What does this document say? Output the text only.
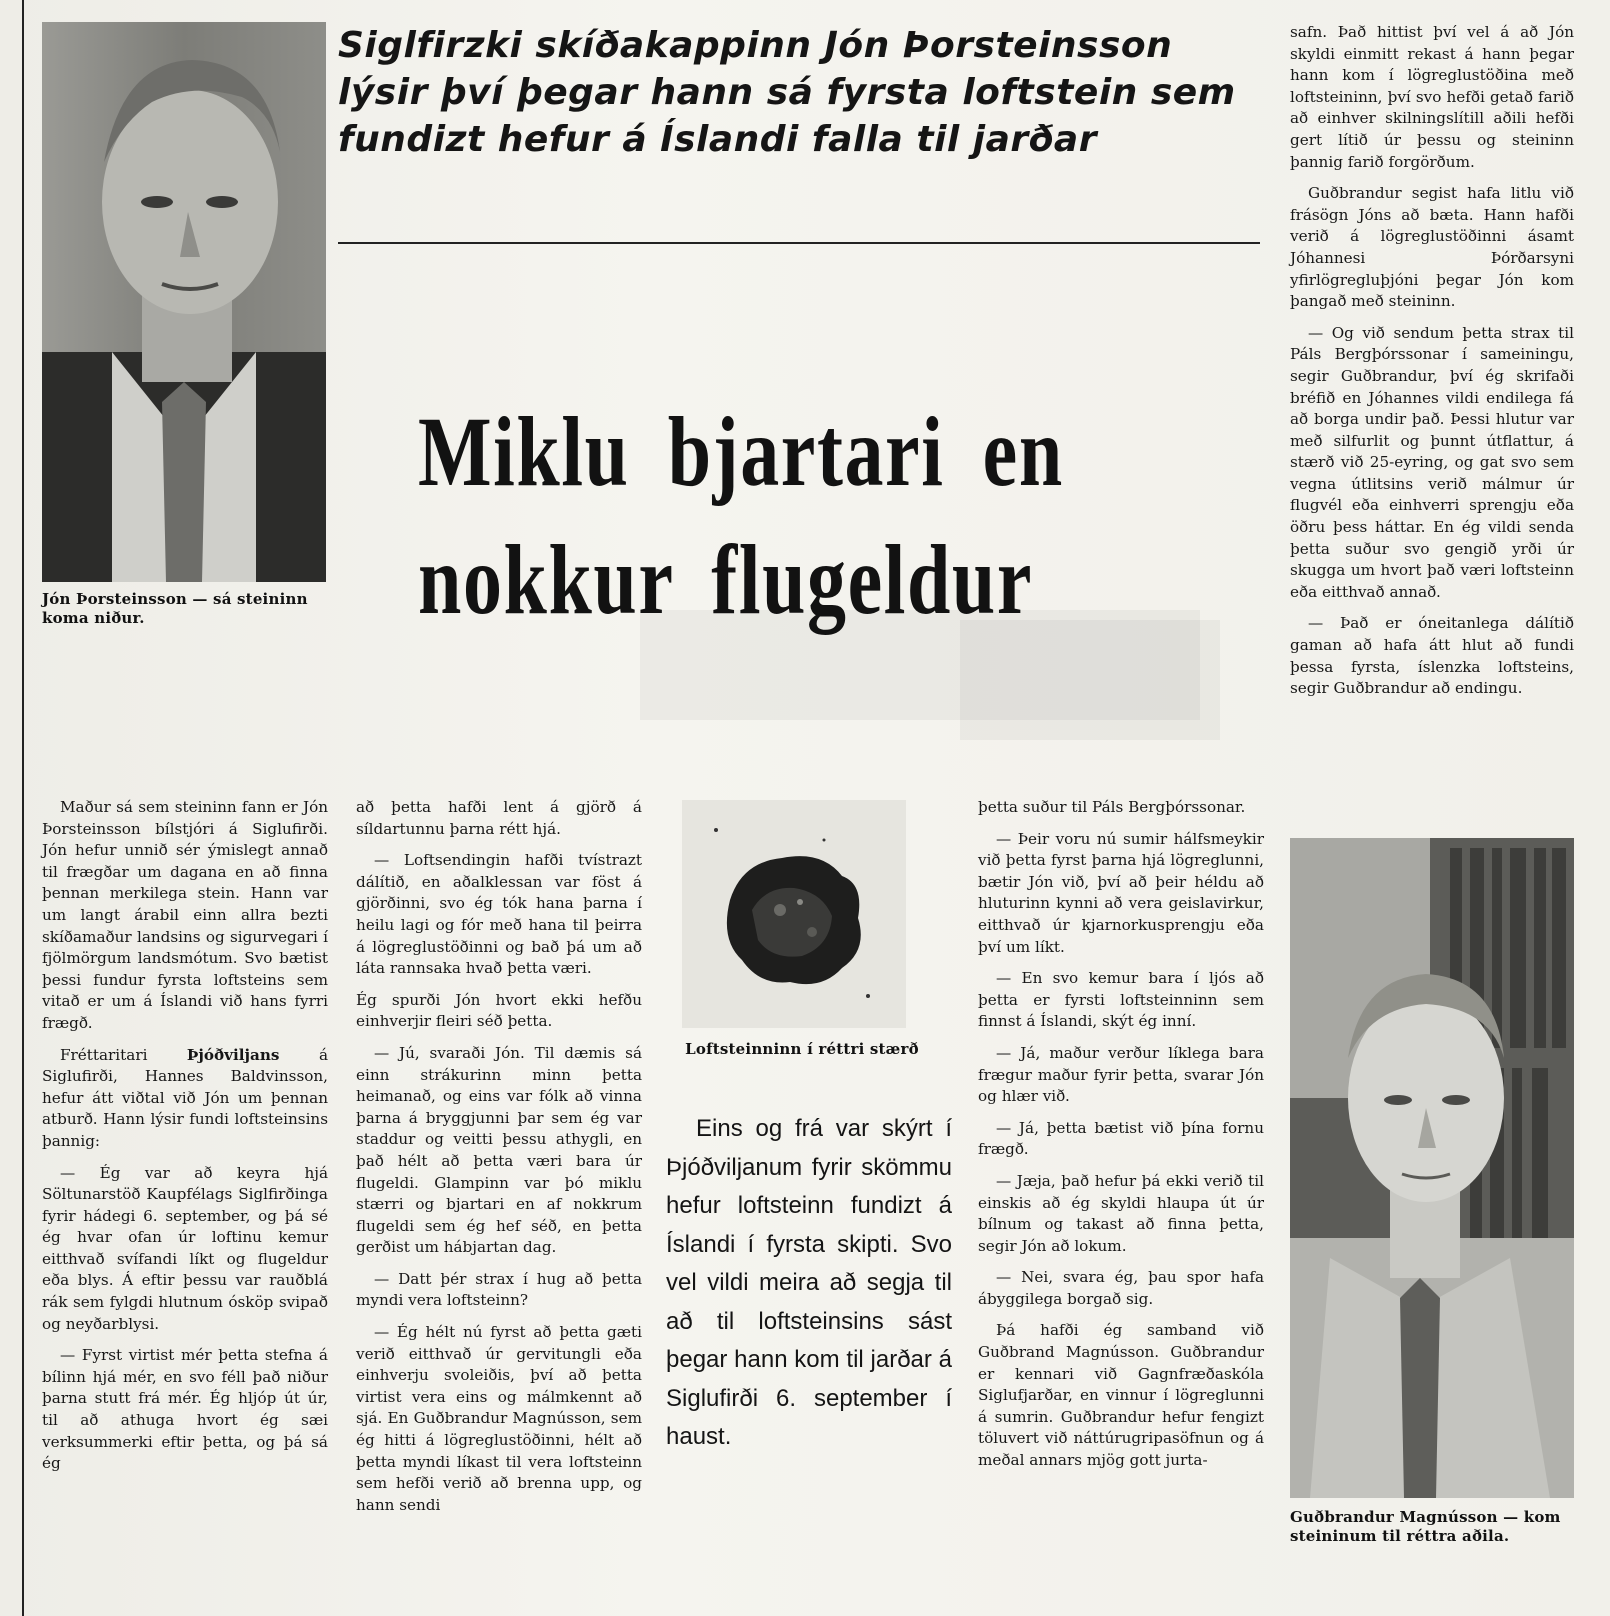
Jón Þorsteinsson — sá steininn koma niður.
Siglfirzki skíðakappinn Jón Þorsteinsson lýsir því þegar hann sá fyrsta loftstein sem fundizt hefur á Íslandi falla til jarðar
Miklu bjartari en nokkur flugeldur

Maður sá sem steininn fann er Jón Þorsteinsson bílstjóri á Siglufirði. Jón hefur unnið sér ýmislegt annað til frægðar um dagana en að finna þennan merkilega stein. Hann var um langt árabil einn allra bezti skíðamaður landsins og sigurvegari í fjölmörgum landsmótum. Svo bætist þessi fundur fyrsta loftsteins sem vitað er um á Íslandi við hans fyrri frægð.

Fréttaritari	Þjóðviljans	á Siglufirði, Hannes Baldvinsson, hefur átt viðtal við Jón um þennan atburð. Hann lýsir fundi loftsteinsins þannig:

— Ég var að keyra hjá Söltunarstöð Kaupfélags Siglfirðinga fyrir hádegi 6. september, og þá sé ég hvar ofan úr loftinu kemur eitthvað svífandi líkt og flugeldur eða blys. Á eftir þessu var rauðblá rák sem fylgdi hlutnum ósköp svipað og neyðarblysi.

— Fyrst virtist mér þetta stefna á bílinn hjá mér, en svo féll það niður þarna stutt frá mér. Ég hljóp út úr, til að athuga hvort ég sæi verksummerki eftir þetta, og þá sá ég

að þetta hafði lent á gjörð á síldartunnu þarna rétt hjá.

— Loftsendingin hafði tvístrazt dálítið, en aðalklessan var föst á gjörðinni, svo ég tók hana þarna í heilu lagi og fór með hana til þeirra á lögreglustöðinni og bað þá um að láta rannsaka hvað þetta væri.

Ég spurði Jón hvort ekki hefðu einhverjir fleiri séð þetta.

— Jú, svaraði Jón. Til dæmis sá einn strákurinn minn þetta heimanað, og eins var fólk að vinna þarna á bryggjunni þar sem ég var staddur og veitti þessu athygli, en það hélt að þetta væri bara úr flugeldi. Glampinn var þó miklu stærri og bjartari en af nokkrum flugeldi sem ég hef séð, en þetta gerðist um hábjartan dag.

— Datt þér strax í hug að þetta myndi vera loftsteinn?

— Ég hélt nú fyrst að þetta gæti verið eitthvað úr gervitungli eða einhverju svoleiðis, því að þetta virtist vera eins og málmkennt að sjá. En Guðbrandur Magnússon, sem ég hitti á lögreglustöðinni, hélt að þetta myndi líkast til vera loftsteinn sem hefði verið að brenna upp, og hann sendi

Loftsteinninn í réttri stærð

Eins og frá var skýrt í Þjóðviljanum fyrir skömmu hefur loftsteinn fundizt á Íslandi í fyrsta skipti. Svo vel vildi meira að segja til að til loftsteinsins sást þegar hann kom til jarðar á Siglufirði 6. september í haust.

þetta suður til Páls Bergþórssonar.

— Þeir voru nú sumir hálfsmeykir við þetta fyrst þarna hjá lögreglunni, bætir Jón við, því að þeir héldu að hluturinn kynni að vera geislavirkur, eitthvað úr kjarnorkusprengju eða því um líkt.

— En svo kemur bara í ljós að þetta er fyrsti loftsteinninn sem finnst á Íslandi, skýt ég inní.

— Já, maður verður líklega bara frægur maður fyrir þetta, svarar Jón og hlær við.

— Já, þetta bætist við þína fornu frægð.

— Jæja, það hefur þá ekki verið til einskis að ég skyldi hlaupa út úr bílnum og takast að finna þetta, segir Jón að lokum.

— Nei, svara ég, þau spor hafa ábyggilega borgað sig.

Þá hafði ég samband við Guðbrand Magnússon. Guðbrandur er kennari við Gagnfræðaskóla Siglufjarðar, en vinnur í lögreglunni á sumrin. Guðbrandur hefur fengizt töluvert við náttúrugripasöfnun og á meðal annars mjög gott jurta-

safn. Það hittist því vel á að Jón skyldi einmitt rekast á hann þegar hann kom í lögreglustöðina með loftsteininn, því svo hefði getað farið að einhver skilningslítill aðili hefði gert lítið úr þessu og steininn þannig farið forgörðum.

Guðbrandur segist hafa litlu við frásögn Jóns að bæta. Hann hafði verið á lögreglustöðinni ásamt Jóhannesi Þórðarsyni yfirlögregluþjóni þegar Jón kom þangað með steininn.

— Og við sendum þetta strax til Páls Bergþórssonar í sameiningu, segir Guðbrandur, því ég skrifaði bréfið en Jóhannes vildi endilega fá að borga undir það. Þessi hlutur var með silfurlit og þunnt útflattur, á stærð við 25-eyring, og gat svo sem vegna útlitsins verið málmur úr flugvél eða einhverri sprengju eða öðru þess háttar. En ég vildi senda þetta suður svo gengið yrði úr skugga um hvort það væri loftsteinn eða eitthvað annað.

— Það er óneitanlega dálítið gaman að hafa átt hlut að fundi þessa fyrsta, íslenzka loftsteins, segir Guðbrandur að endingu.

Guðbrandur Magnússon — kom steininum til réttra aðila.
